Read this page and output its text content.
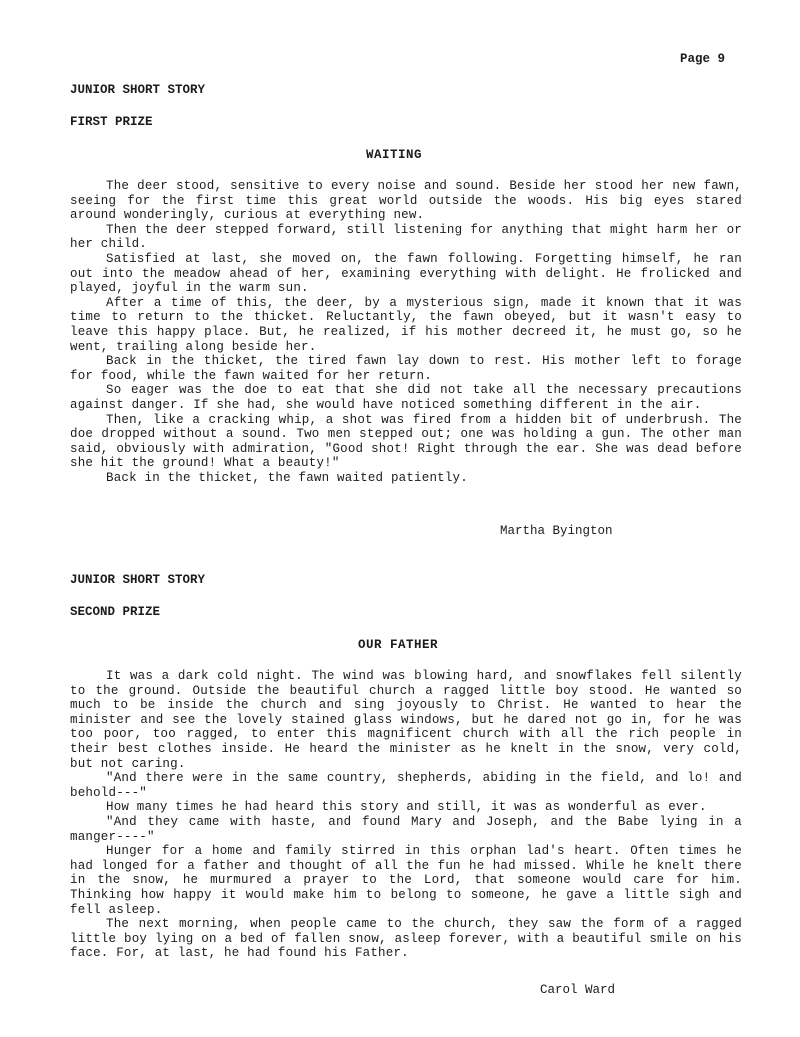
Page 9
JUNIOR SHORT STORY
FIRST PRIZE
WAITING

The deer stood, sensitive to every noise and sound. Beside her stood her new fawn, seeing for the first time this great world outside the woods. His big eyes stared around wonderingly, curious at everything new.

Then the deer stepped forward, still listening for anything that might harm her or her child.

Satisfied at last, she moved on, the fawn following. Forgetting himself, he ran out into the meadow ahead of her, examining everything with delight. He frolicked and played, joyful in the warm sun.

After a time of this, the deer, by a mysterious sign, made it known that it was time to return to the thicket. Reluctantly, the fawn obeyed, but it wasn't easy to leave this happy place. But, he realized, if his mother decreed it, he must go, so he went, trailing along beside her.

Back in the thicket, the tired fawn lay down to rest. His mother left to forage for food, while the fawn waited for her return.

So eager was the doe to eat that she did not take all the necessary precautions against danger. If she had, she would have noticed something different in the air.

Then, like a cracking whip, a shot was fired from a hidden bit of underbrush. The doe dropped without a sound. Two men stepped out; one was holding a gun. The other man said, obviously with admiration, "Good shot! Right through the ear. She was dead before she hit the ground! What a beauty!"

Back in the thicket, the fawn waited patiently.

Martha Byington
JUNIOR SHORT STORY
SECOND PRIZE
OUR FATHER

It was a dark cold night. The wind was blowing hard, and snowflakes fell silently to the ground. Outside the beautiful church a ragged little boy stood. He wanted so much to be inside the church and sing joyously to Christ. He wanted to hear the minister and see the lovely stained glass windows, but he dared not go in, for he was too poor, too ragged, to enter this magnificent church with all the rich people in their best clothes inside. He heard the minister as he knelt in the snow, very cold, but not caring.

"And there were in the same country, shepherds, abiding in the field, and lo! and behold---"

How many times he had heard this story and still, it was as wonderful as ever.

"And they came with haste, and found Mary and Joseph, and the Babe lying in a manger----"

Hunger for a home and family stirred in this orphan lad's heart. Often times he had longed for a father and thought of all the fun he had missed. While he knelt there in the snow, he murmured a prayer to the Lord, that someone would care for him. Thinking how happy it would make him to belong to someone, he gave a little sigh and fell asleep.

The next morning, when people came to the church, they saw the form of a ragged little boy lying on a bed of fallen snow, asleep forever, with a beautiful smile on his face. For, at last, he had found his Father.

Carol Ward
